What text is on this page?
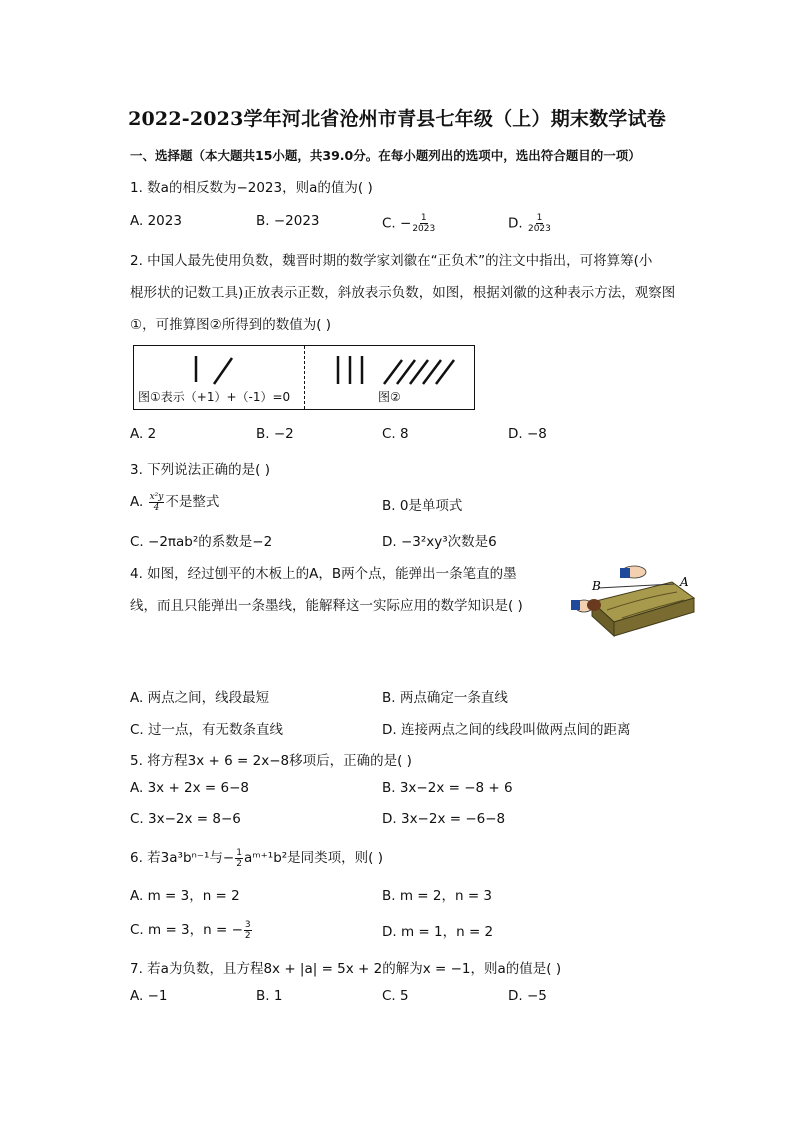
2022-2023学年河北省沧州市青县七年级（上）期末数学试卷
一、选择题（本大题共15小题，共39.0分。在每小题列出的选项中，选出符合题目的一项）
1. 数a的相反数为−2023，则a的值为( )
A. 2023	B. −2023	C. − $\frac{1}{2023}$	D. $\frac{1}{2023}$
2. 中国人最先使用负数，魏晋时期的数学家刘徽在“正负术”的注文中指出，可将算筹(小
棍形状的记数工具)正放表示正数，斜放表示负数，如图，根据刘徽的这种表示方法，观察图
①，可推算图②所得到的数值为( )
图①表示（+1）+（-1）=0	图②
A. 2	B. −2	C. 8	D. −8
3. 下列说法正确的是( )
A. $\frac{\text{x²y}}{4}$ 不是整式	B. 0是单项式
C. −2πab²的系数是−2	D. −3²xy³次数是6
4. 如图，经过刨平的木板上的A，B两个点，能弹出一条笔直的墨
线，而且只能弹出一条墨线，能解释这一实际应用的数学知识是( )
B	A
A. 两点之间，线段最短	B. 两点确定一条直线
C. 过一点，有无数条直线	D. 连接两点之间的线段叫做两点间的距离
5. 将方程3x + 6 = 2x−8移项后，正确的是( )
A. 3x + 2x = 6−8	B. 3x−2x = −8 + 6
C. 3x−2x = 8−6	D. 3x−2x = −6−8
6. 若3a³bⁿ⁻¹与− $\frac{1}{2}$ aᵐ⁺¹b²是同类项，则( )
A. m = 3，n = 2	B. m = 2，n = 3
C. m = 3，n = − $\frac{3}{2}$	D. m = 1，n = 2
7. 若a为负数，且方程8x + |a| = 5x + 2的解为x = −1，则a的值是( )
A. −1	B. 1	C. 5	D. −5
